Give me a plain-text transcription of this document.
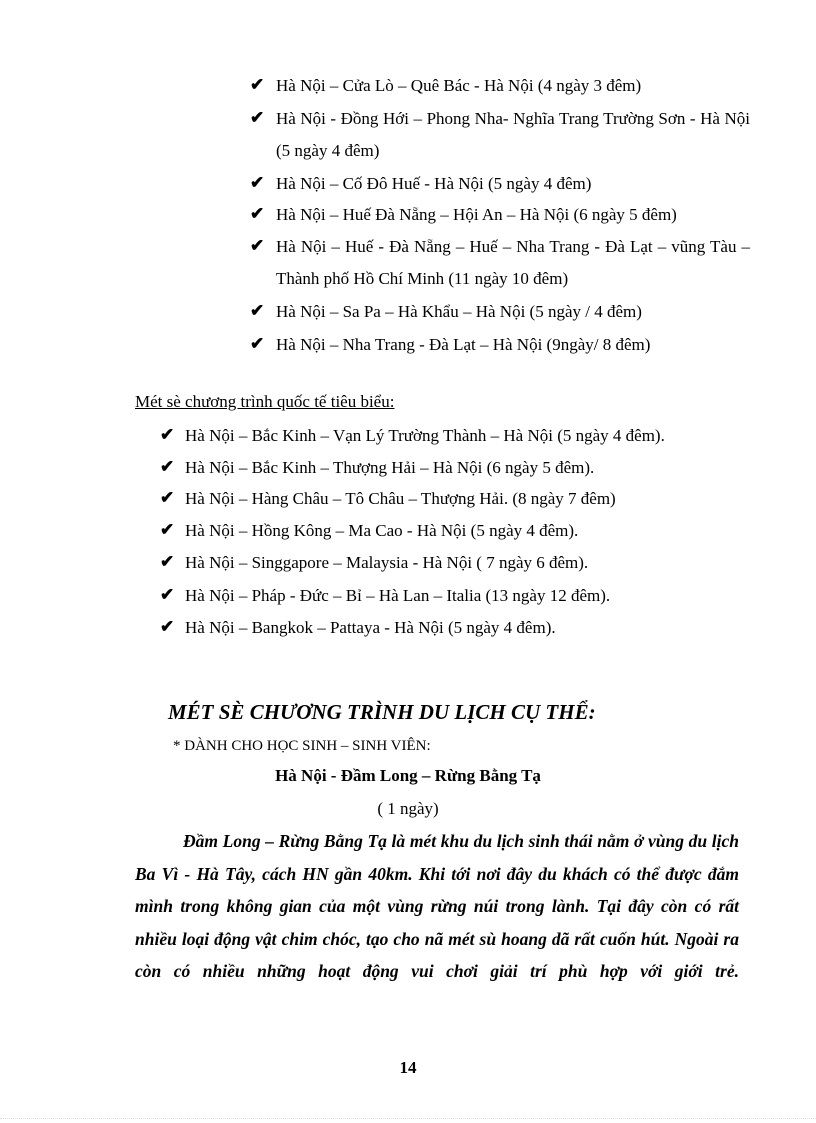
✔ Hà Nội – Cửa Lò – Quê Bác - Hà Nội (4 ngày 3 đêm)
✔ Hà Nội - Đồng Hới – Phong Nha- Nghĩa Trang Trường Sơn - Hà Nội (5 ngày 4 đêm)
✔ Hà Nội – Cố Đô Huế - Hà Nội (5 ngày 4 đêm)
✔ Hà Nội – Huế Đà Nẵng – Hội An – Hà Nội (6 ngày 5 đêm)
✔ Hà Nội – Huế - Đà Nẵng – Huế – Nha Trang - Đà Lạt – vũng Tàu – Thành phố Hồ Chí Minh (11 ngày 10 đêm)
✔ Hà Nội – Sa Pa – Hà Khẩu – Hà Nội (5 ngày / 4 đêm)
✔ Hà Nội – Nha Trang - Đà Lạt – Hà Nội (9ngày/ 8 đêm)
Mét sè chương trình quốc tế tiêu biểu:
✔ Hà Nội – Bắc Kinh – Vạn Lý Trường Thành – Hà Nội (5 ngày 4 đêm).
✔ Hà Nội – Bắc Kinh – Thượng Hải – Hà Nội (6 ngày 5 đêm).
✔ Hà Nội – Hàng Châu – Tô Châu – Thượng Hải. (8 ngày 7 đêm)
✔ Hà Nội – Hồng Kông – Ma Cao - Hà Nội (5 ngày 4 đêm).
✔ Hà Nội – Singgapore – Malaysia - Hà Nội ( 7 ngày 6 đêm).
✔ Hà Nội – Pháp - Đức – Bỉ – Hà Lan – Italia (13 ngày 12 đêm).
✔ Hà Nội – Bangkok – Pattaya - Hà Nội (5 ngày 4 đêm).
MÉT SÈ CHƯƠNG TRÌNH DU LỊCH CỤ THỂ:
* DÀNH CHO HỌC SINH – SINH VIÊN:
Hà Nội - Đầm Long – Rừng Bằng Tạ
( 1 ngày)

Đầm Long – Rừng Bằng Tạ là mét khu du lịch sinh thái nằm ở vùng du lịch Ba Vì - Hà Tây, cách HN gần 40km. Khi tới nơi đây du khách có thể được đắm mình trong không gian của một vùng rừng núi trong lành. Tại đây còn có rất nhiều loại động vật chim chóc, tạo cho nã mét sù hoang dã rất cuốn hút. Ngoài ra còn có nhiều những hoạt động vui chơi giải trí phù hợp với giới trẻ.

14
